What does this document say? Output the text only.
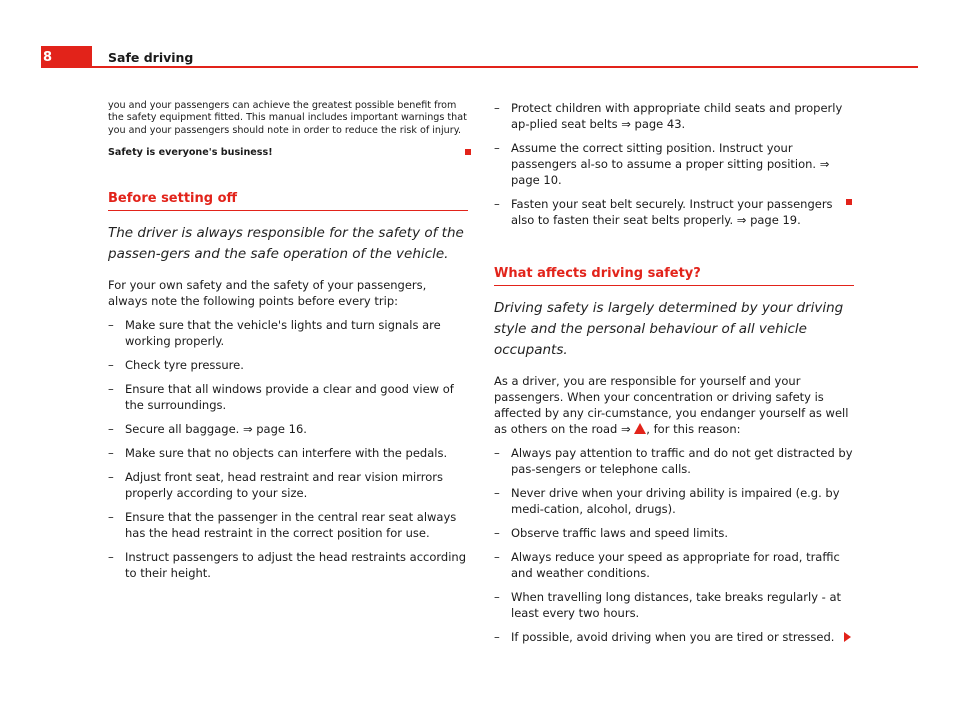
8	Safe driving

you and your passengers can achieve the greatest possible benefit from the safety equipment fitted. This manual includes important warnings that you and your passengers should note in order to reduce the risk of injury.

Safety is everyone's business!

Before setting off

The driver is always responsible for the safety of the passen-gers and the safe operation of the vehicle.

For your own safety and the safety of your passengers, always note the following points before every trip:

– Make sure that the vehicle's lights and turn signals are working properly.
– Check tyre pressure.
– Ensure that all windows provide a clear and good view of the surroundings.
– Secure all baggage. ⇒ page 16.
– Make sure that no objects can interfere with the pedals.
– Adjust front seat, head restraint and rear vision mirrors properly according to your size.
– Ensure that the passenger in the central rear seat always has the head restraint in the correct position for use.
– Instruct passengers to adjust the head restraints according to their height.
– Protect children with appropriate child seats and properly ap-plied seat belts ⇒ page 43.
– Assume the correct sitting position. Instruct your passengers al-so to assume a proper sitting position. ⇒ page 10.
– Fasten your seat belt securely. Instruct your passengers also to fasten their seat belts properly. ⇒ page 19.

What affects driving safety?

Driving safety is largely determined by your driving style and the personal behaviour of all vehicle occupants.

As a driver, you are responsible for yourself and your passengers. When your concentration or driving safety is affected by any cir-cumstance, you endanger yourself as well as others on the road ⇒ , for this reason:

– Always pay attention to traffic and do not get distracted by pas-sengers or telephone calls.
– Never drive when your driving ability is impaired (e.g. by medi-cation, alcohol, drugs).
– Observe traffic laws and speed limits.
– Always reduce your speed as appropriate for road, traffic and weather conditions.
– When travelling long distances, take breaks regularly - at least every two hours.
– If possible, avoid driving when you are tired or stressed.
